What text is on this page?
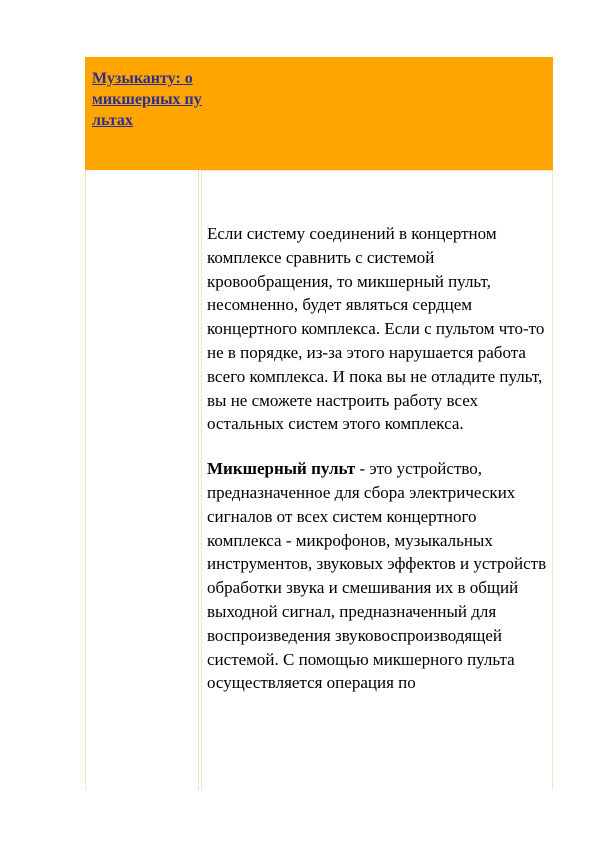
Музыканту: о микшерных пультах

Если систему соединений в концертном комплексе сравнить с системой кровообращения, то микшерный пульт, несомненно, будет являться сердцем концертного комплекса. Если с пультом что-то не в порядке, из-за этого нарушается работа всего комплекса. И пока вы не отладите пульт, вы не сможете настроить работу всех остальных систем этого комплекса.

Микшерный пульт - это устройство, предназначенное для сбора электрических сигналов от всех систем концертного комплекса - микрофонов, музыкальных инструментов, звуковых эффектов и устройств обработки звука и смешивания их в общий выходной сигнал, предназначенный для воспроизведения звуковоспроизводящей системой. С помощью микшерного пульта осуществляется операция по
